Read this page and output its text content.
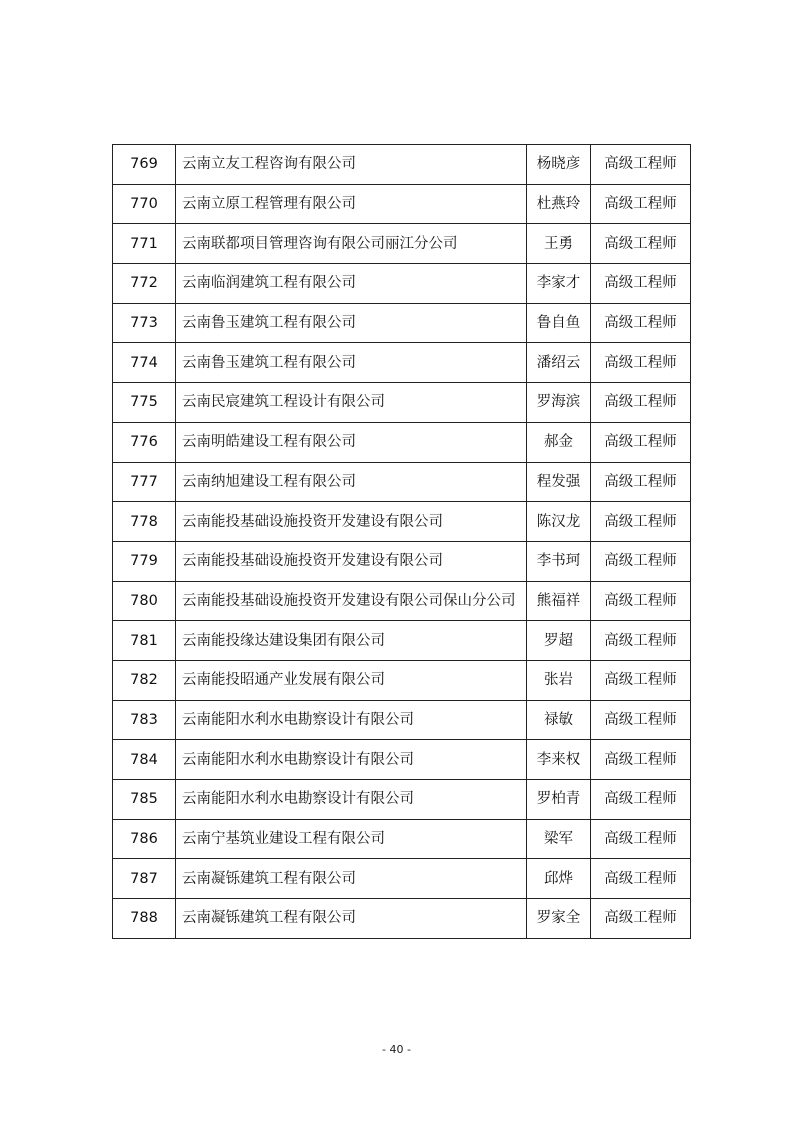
769	云南立友工程咨询有限公司	杨晓彦	高级工程师
770	云南立原工程管理有限公司	杜燕玲	高级工程师
771	云南联都项目管理咨询有限公司丽江分公司	王勇	高级工程师
772	云南临润建筑工程有限公司	李家才	高级工程师
773	云南鲁玉建筑工程有限公司	鲁自鱼	高级工程师
774	云南鲁玉建筑工程有限公司	潘绍云	高级工程师
775	云南民宸建筑工程设计有限公司	罗海滨	高级工程师
776	云南明皓建设工程有限公司	郝金	高级工程师
777	云南纳旭建设工程有限公司	程发强	高级工程师
778	云南能投基础设施投资开发建设有限公司	陈汉龙	高级工程师
779	云南能投基础设施投资开发建设有限公司	李书珂	高级工程师
780	云南能投基础设施投资开发建设有限公司保山分公司	熊福祥	高级工程师
781	云南能投缘达建设集团有限公司	罗超	高级工程师
782	云南能投昭通产业发展有限公司	张岩	高级工程师
783	云南能阳水利水电勘察设计有限公司	禄敏	高级工程师
784	云南能阳水利水电勘察设计有限公司	李来权	高级工程师
785	云南能阳水利水电勘察设计有限公司	罗柏青	高级工程师
786	云南宁基筑业建设工程有限公司	梁军	高级工程师
787	云南凝铄建筑工程有限公司	邱烨	高级工程师
788	云南凝铄建筑工程有限公司	罗家全	高级工程师
- 40 -
